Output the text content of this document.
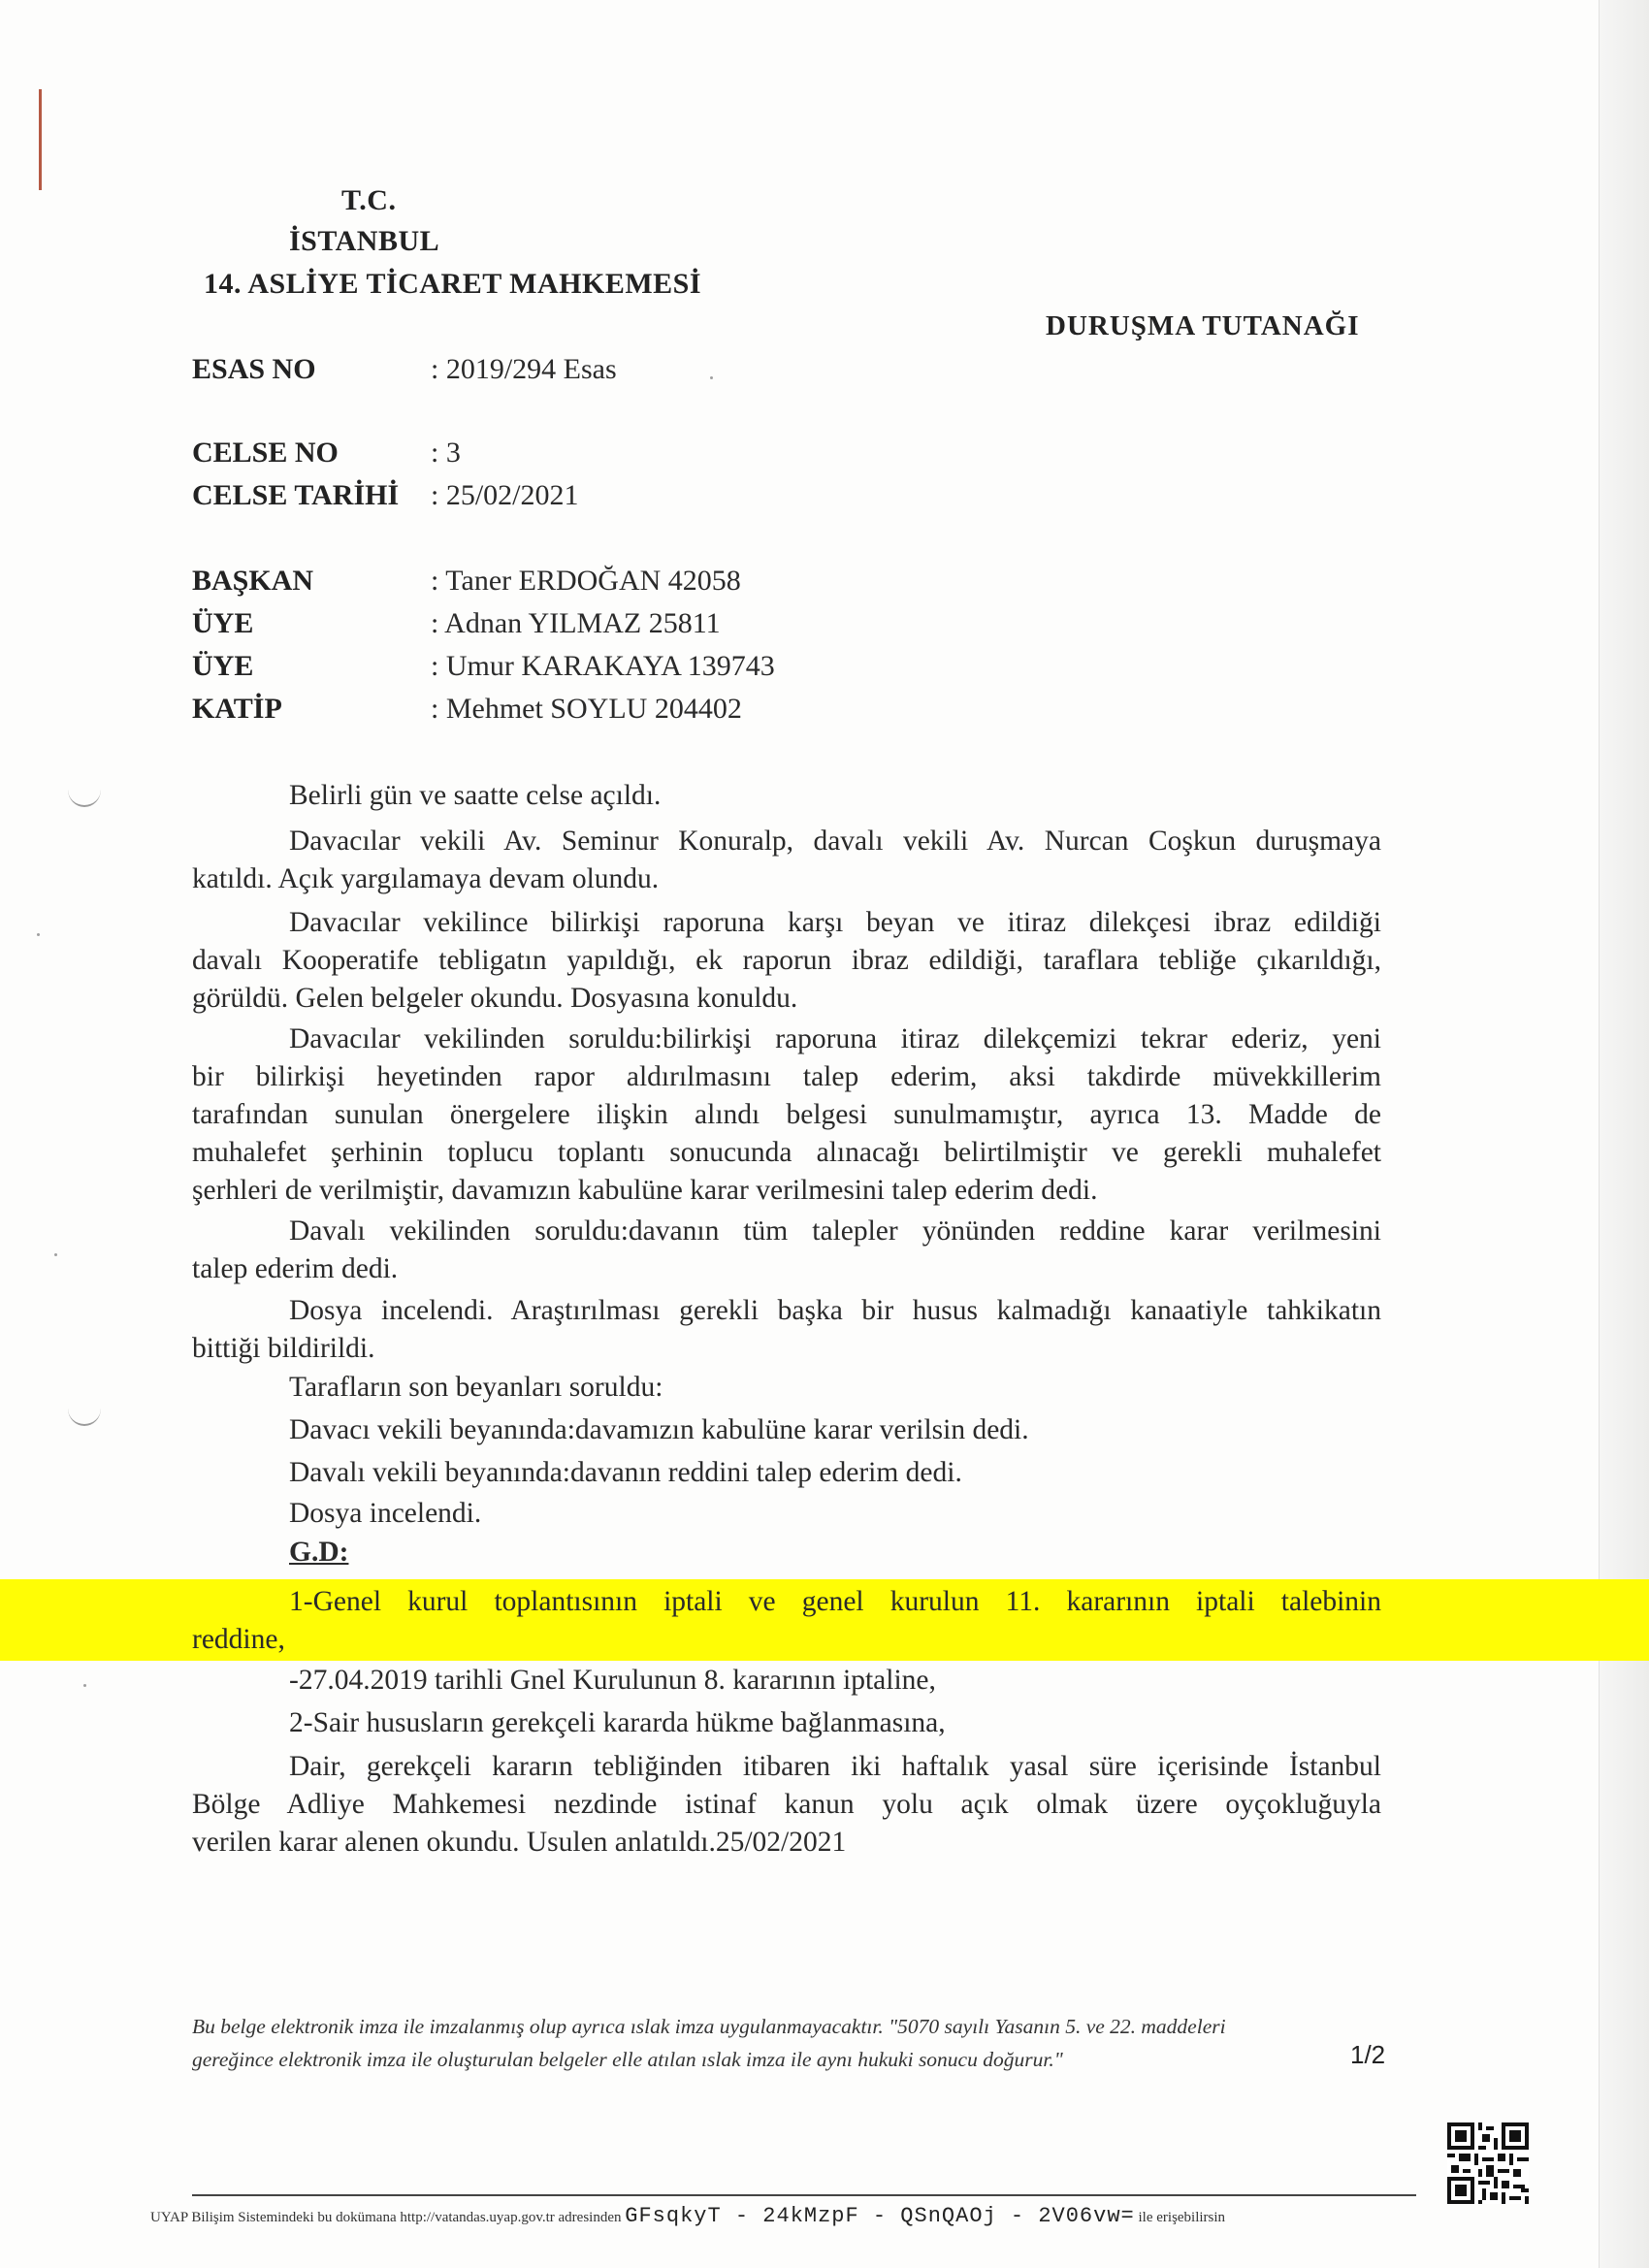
T.C.
İSTANBUL
14. ASLİYE TİCARET MAHKEMESİ
DURUŞMA TUTANAĞI
ESAS NO	: 2019/294 Esas
CELSE NO	: 3
CELSE TARİHİ : 25/02/2021
BAŞKAN	: Taner ERDOĞAN 42058
ÜYE	: Adnan YILMAZ 25811
ÜYE	: Umur KARAKAYA 139743
KATİP	: Mehmet SOYLU 204402
Belirli gün ve saatte celse açıldı.

Davacılar vekili Av. Seminur Konuralp, davalı vekili Av. Nurcan Coşkun duruşmaya

katıldı. Açık yargılamaya devam olundu.

Davacılar vekilince bilirkişi raporuna karşı beyan ve itiraz dilekçesi ibraz edildiği

davalı Kooperatife tebligatın yapıldığı, ek raporun ibraz edildiği, taraflara tebliğe çıkarıldığı,

görüldü. Gelen belgeler okundu. Dosyasına konuldu.

Davacılar vekilinden soruldu:bilirkişi raporuna itiraz dilekçemizi tekrar ederiz, yeni

bir bilirkişi heyetinden rapor aldırılmasını talep ederim, aksi takdirde müvekkillerim

tarafından sunulan önergelere ilişkin alındı belgesi sunulmamıştır, ayrıca 13. Madde de

muhalefet şerhinin toplucu toplantı sonucunda alınacağı belirtilmiştir ve gerekli muhalefet

şerhleri de verilmiştir, davamızın kabulüne karar verilmesini talep ederim dedi.

Davalı vekilinden soruldu:davanın tüm talepler yönünden reddine karar verilmesini

talep ederim dedi.

Dosya incelendi. Araştırılması gerekli başka bir husus kalmadığı kanaatiyle tahkikatın

bittiği bildirildi.

Tarafların son beyanları soruldu:
Davacı vekili beyanında:davamızın kabulüne karar verilsin dedi.
Davalı vekili beyanında:davanın reddini talep ederim dedi.
Dosya incelendi.
G.D:

1-Genel kurul toplantısının iptali ve genel kurulun 11. kararının iptali talebinin

reddine,

-27.04.2019 tarihli Gnel Kurulunun 8. kararının iptaline,
2-Sair hususların gerekçeli kararda hükme bağlanmasına,

Dair, gerekçeli kararın tebliğinden itibaren iki haftalık yasal süre içerisinde İstanbul

Bölge Adliye Mahkemesi nezdinde istinaf kanun yolu açık olmak üzere oyçokluğuyla

verilen karar alenen okundu. Usulen anlatıldı.25/02/2021

Bu belge elektronik imza ile imzalanmış olup ayrıca ıslak imza uygulanmayacaktır. "5070 sayılı Yasanın 5. ve 22. maddeleri

gereğince elektronik imza ile oluşturulan belgeler elle atılan ıslak imza ile aynı hukuki sonucu doğurur."	1/2
UYAP Bilişim Sistemindeki bu dokümana http://vatandas.uyap.gov.tr adresinden GFsqkyT - 24kMzpF - QSnQAOj - 2V06vw= ile erişebilirsin
